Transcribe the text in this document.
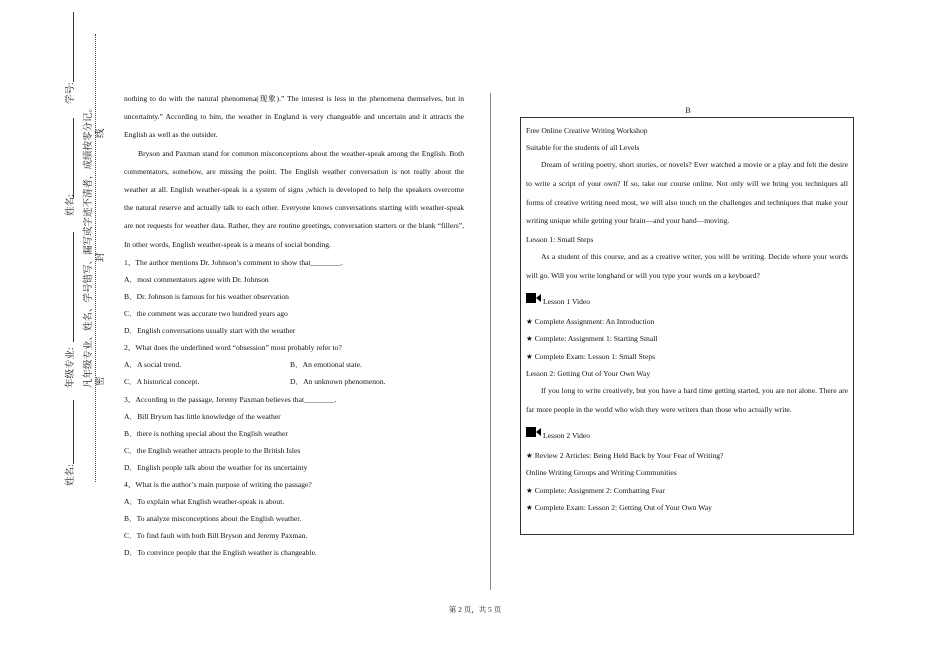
学号:
姓名:
年级专业:
姓名:
凡年级专业、姓名、学号错写、漏写或字迹不清者，成绩按零分记。 密
封
线

nothing to do with the natural phenomena(现象).” The interest is less in the phenomena themselves, but in uncertainty.” According to him, the weather in England is very changeable and uncertain and it attracts the English as well as the outsider.

Bryson and Paxman stand for common misconceptions about the weather-speak among the English. Both commentators, somehow, are missing the point. The English weather conversation is not really about the weather at all. English weather-speak is a system of signs ,which is developed to help the speakers overcome the natural reserve and actually talk to each other. Everyone knows conversations starting with weather-speak are not requests for weather data. Rather, they are routine greetings, conversation starters or the blank “fillers”, In other words, English weather-speak is a means of social bonding.

1、The author mentions Dr. Johnson’s comment to show that________.

A．most commentators agree with Dr. Johnson

B．Dr. Johnson is famous for his weather observation

C．the comment was accurate two hundred years ago

D．English conversations usually start with the weather

2、What does the underlined word “obsession” most probably refer to?

A．A social trend.	B．An emotional state.
C．A historical concept.	D．An unknown phenomenon.

3、According to the passage, Jeremy Paxman believes that________.

A．Bill Bryson has little knowledge of the weather

B．there is nothing special about the English weather

C．the English weather attracts people to the British Isles

D．English people talk about the weather for its uncertainty

4、What is the author’s main purpose of writing the passage?

A．To explain what English weather-speak is about.

B．To analyze misconceptions about the English weather.

C．To find fault with both Bill Bryson and Jeremy Paxman.

D．To convince people that the English weather is changeable.

B

Free Online Creative Writing Workshop

Suitable for the students of all Levels

Dream of writing poetry, short stories, or novels? Ever watched a movie or a play and felt the desire to write a script of your own? If so, take our course online. Not only will we bring you techniques all forms of creative writing need most, we will also touch on the challenges and techniques that make your writing unique while getting your brain—and your hand—moving.

Lesson 1: Small Steps

As a student of this course, and as a creative writer, you will be writing. Decide where your words will go. Will you write longhand or will you type your words on a keyboard?

Lesson 1 Video

★ Complete Assignment: An Introduction

★ Complete: Assignment 1: Starting Small

★ Complete Exam: Lesson 1: Small Steps

Lesson 2: Getting Out of Your Own Way

If you long to write creatively, but you have a hard time getting started, you are not alone. There are far more people in the world who wish they were writers than those who actually write.

Lesson 2 Video

★ Review 2 Articles: Being Held Back by Your Fear of Writing?

Online Writing Groups and Writing Communities

★ Complete: Assignment 2: Combatting Fear

★ Complete Exam: Lesson 2: Getting Out of Your Own Way

第 2 页，共 5 页
